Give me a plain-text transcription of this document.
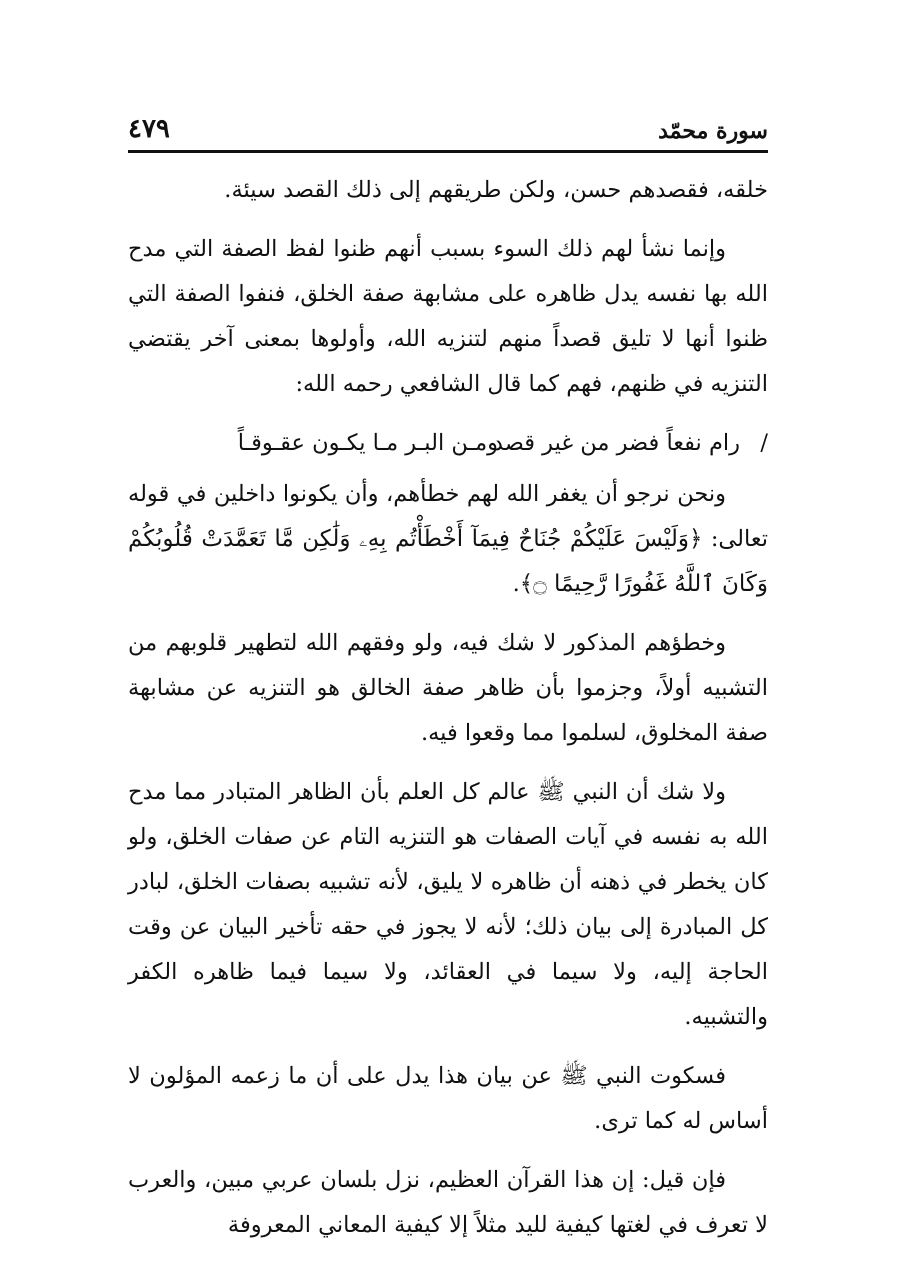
سورة محمّد
٤٧٩

خلقه، فقصدهم حسن، ولكن طريقهم إلى ذلك القصد سيئة.

وإنما نشأ لهم ذلك السوء بسبب أنهم ظنوا لفظ الصفة التي مدح الله بها نفسه يدل ظاهره على مشابهة صفة الخلق، فنفوا الصفة التي ظنوا أنها لا تليق قصداً منهم لتنزيه الله، وأولوها بمعنى آخر يقتضي التنزيه في ظنهم، فهم كما قال الشافعي رحمه الله:

/
رام نفعاً فضر من غير قصد
ومـن البـر مـا يكـون عقـوقـاً

ونحن نرجو أن يغفر الله لهم خطأهم، وأن يكونوا داخلين في قوله تعالى: ﴿وَلَيْسَ عَلَيْكُمْ جُنَاحٌ فِيمَآ أَخْطَأْتُم بِهِۦ وَلَٰكِن مَّا تَعَمَّدَتْ قُلُوبُكُمْ وَكَانَ ٱللَّهُ غَفُورًا رَّحِيمًا ۝﴾.

وخطؤهم المذكور لا شك فيه، ولو وفقهم الله لتطهير قلوبهم من التشبيه أولاً، وجزموا بأن ظاهر صفة الخالق هو التنزيه عن مشابهة صفة المخلوق، لسلموا مما وقعوا فيه.

ولا شك أن النبي ﷺ عالم كل العلم بأن الظاهر المتبادر مما مدح الله به نفسه في آيات الصفات هو التنزيه التام عن صفات الخلق، ولو كان يخطر في ذهنه أن ظاهره لا يليق، لأنه تشبيه بصفات الخلق، لبادر كل المبادرة إلى بيان ذلك؛ لأنه لا يجوز في حقه تأخير البيان عن وقت الحاجة إليه، ولا سيما في العقائد، ولا سيما فيما ظاهره الكفر والتشبيه.

فسكوت النبي ﷺ عن بيان هذا يدل على أن ما زعمه المؤلون لا أساس له كما ترى.

فإن قيل: إن هذا القرآن العظيم، نزل بلسان عربي مبين، والعرب لا تعرف في لغتها كيفية لليد مثلاً إلا كيفية المعاني المعروفة
